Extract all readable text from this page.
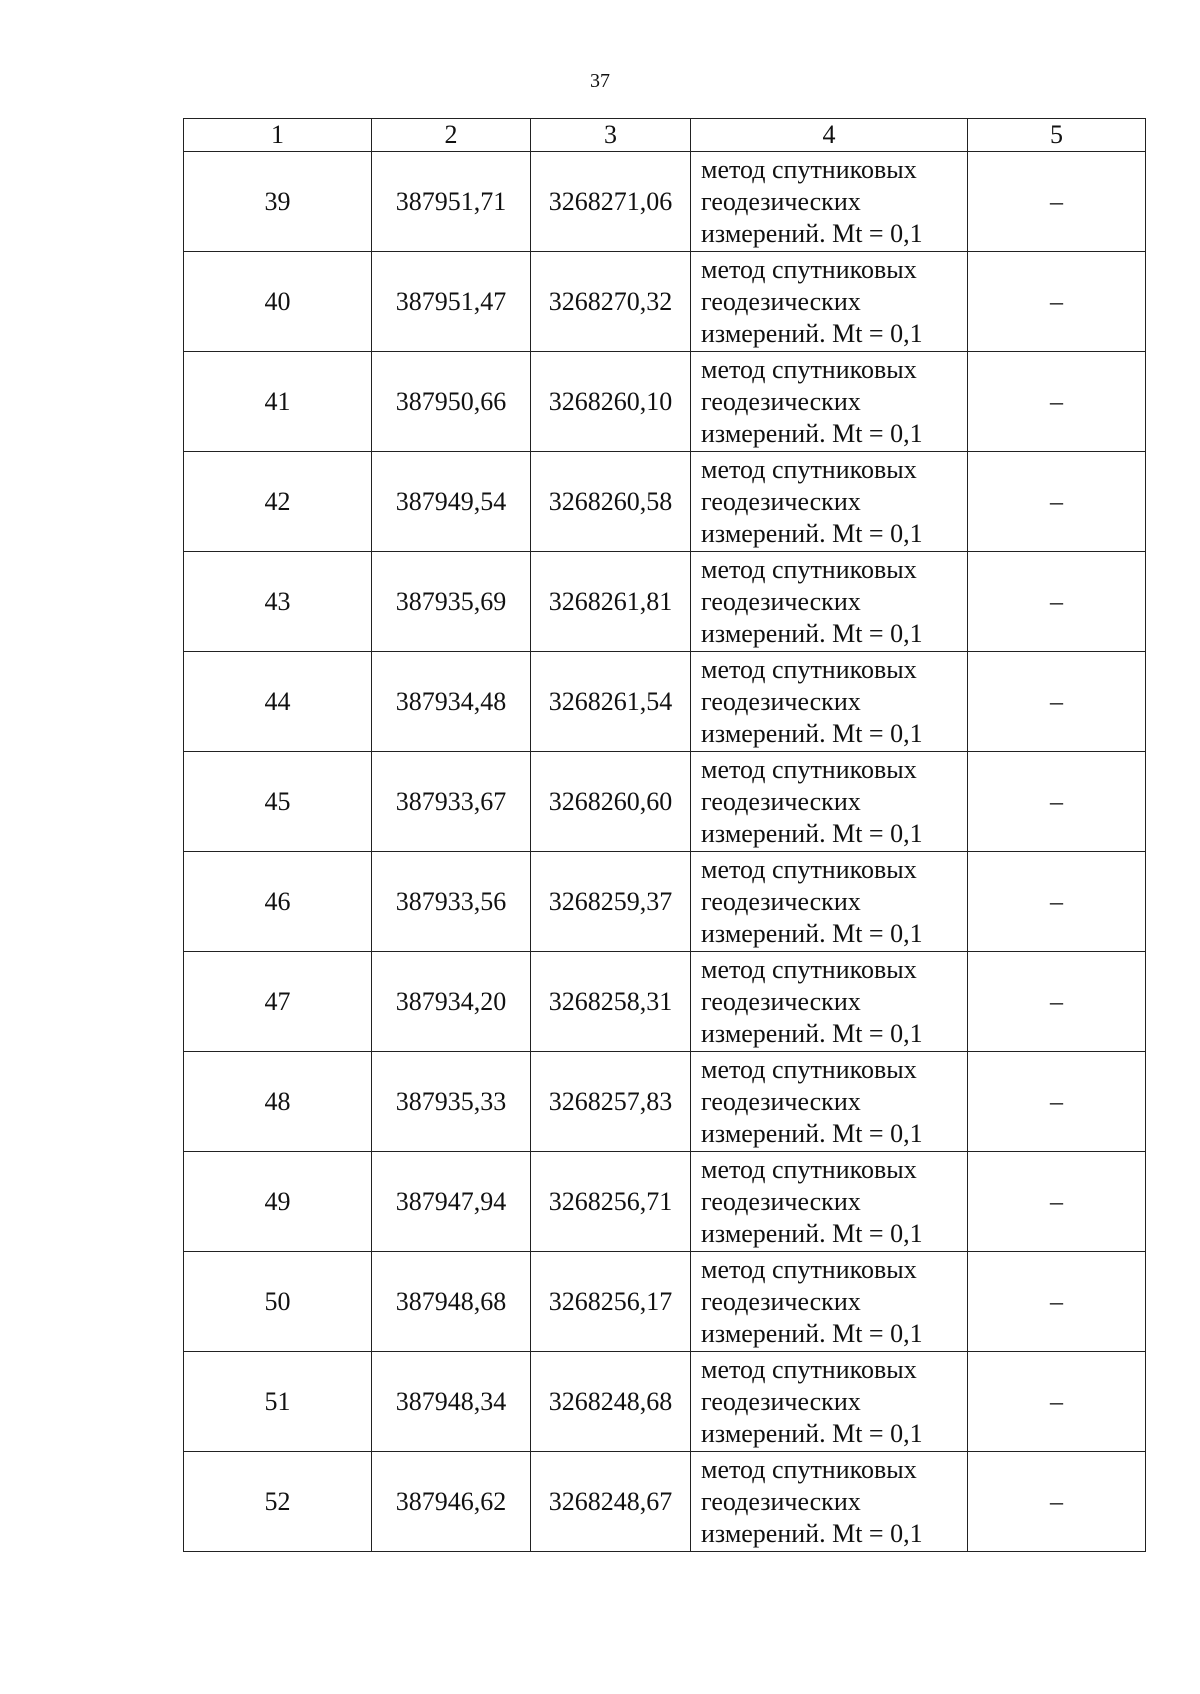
37
1	2	3	4	5
39	387951,71	3268271,06	метод спутниковых
геодезических
измерений. Mt = 0,1	–
40	387951,47	3268270,32	метод спутниковых
геодезических
измерений. Mt = 0,1	–
41	387950,66	3268260,10	метод спутниковых
геодезических
измерений. Mt = 0,1	–
42	387949,54	3268260,58	метод спутниковых
геодезических
измерений. Mt = 0,1	–
43	387935,69	3268261,81	метод спутниковых
геодезических
измерений. Mt = 0,1	–
44	387934,48	3268261,54	метод спутниковых
геодезических
измерений. Mt = 0,1	–
45	387933,67	3268260,60	метод спутниковых
геодезических
измерений. Mt = 0,1	–
46	387933,56	3268259,37	метод спутниковых
геодезических
измерений. Mt = 0,1	–
47	387934,20	3268258,31	метод спутниковых
геодезических
измерений. Mt = 0,1	–
48	387935,33	3268257,83	метод спутниковых
геодезических
измерений. Mt = 0,1	–
49	387947,94	3268256,71	метод спутниковых
геодезических
измерений. Mt = 0,1	–
50	387948,68	3268256,17	метод спутниковых
геодезических
измерений. Mt = 0,1	–
51	387948,34	3268248,68	метод спутниковых
геодезических
измерений. Mt = 0,1	–
52	387946,62	3268248,67	метод спутниковых
геодезических
измерений. Mt = 0,1	–
